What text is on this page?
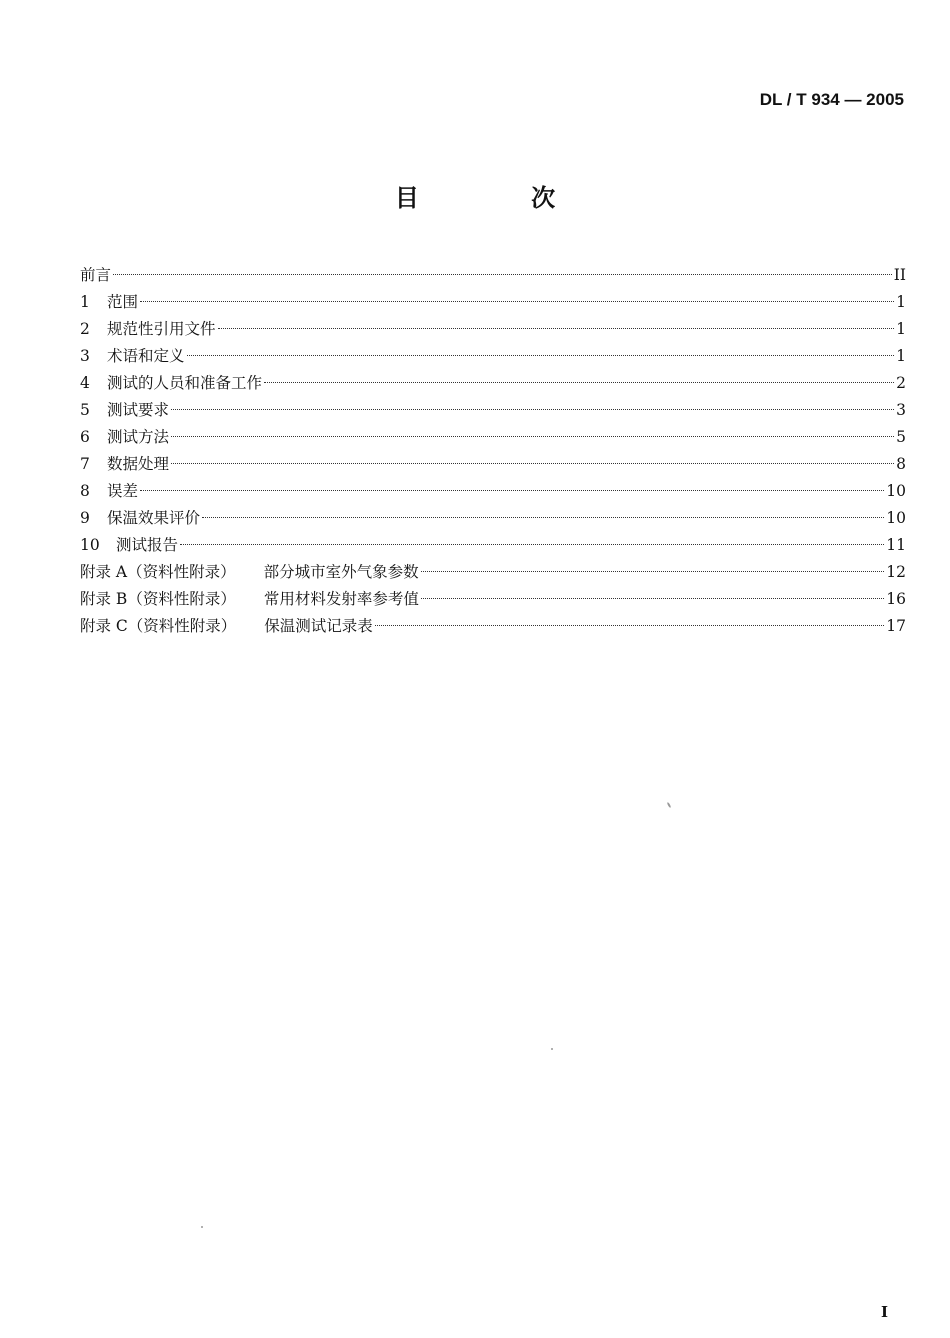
DL / T 934 — 2005
目 次
前言	II
1	范围	1
2	规范性引用文件	1
3	术语和定义	1
4	测试的人员和准备工作	2
5	测试要求	3
6	测试方法	5
7	数据处理	8
8	误差	10
9	保温效果评价	10
10	测试报告	11
附录 A（资料性附录） 部分城市室外气象参数	12
附录 B（资料性附录） 常用材料发射率参考值	16
附录 C（资料性附录） 保温测试记录表	17
I
